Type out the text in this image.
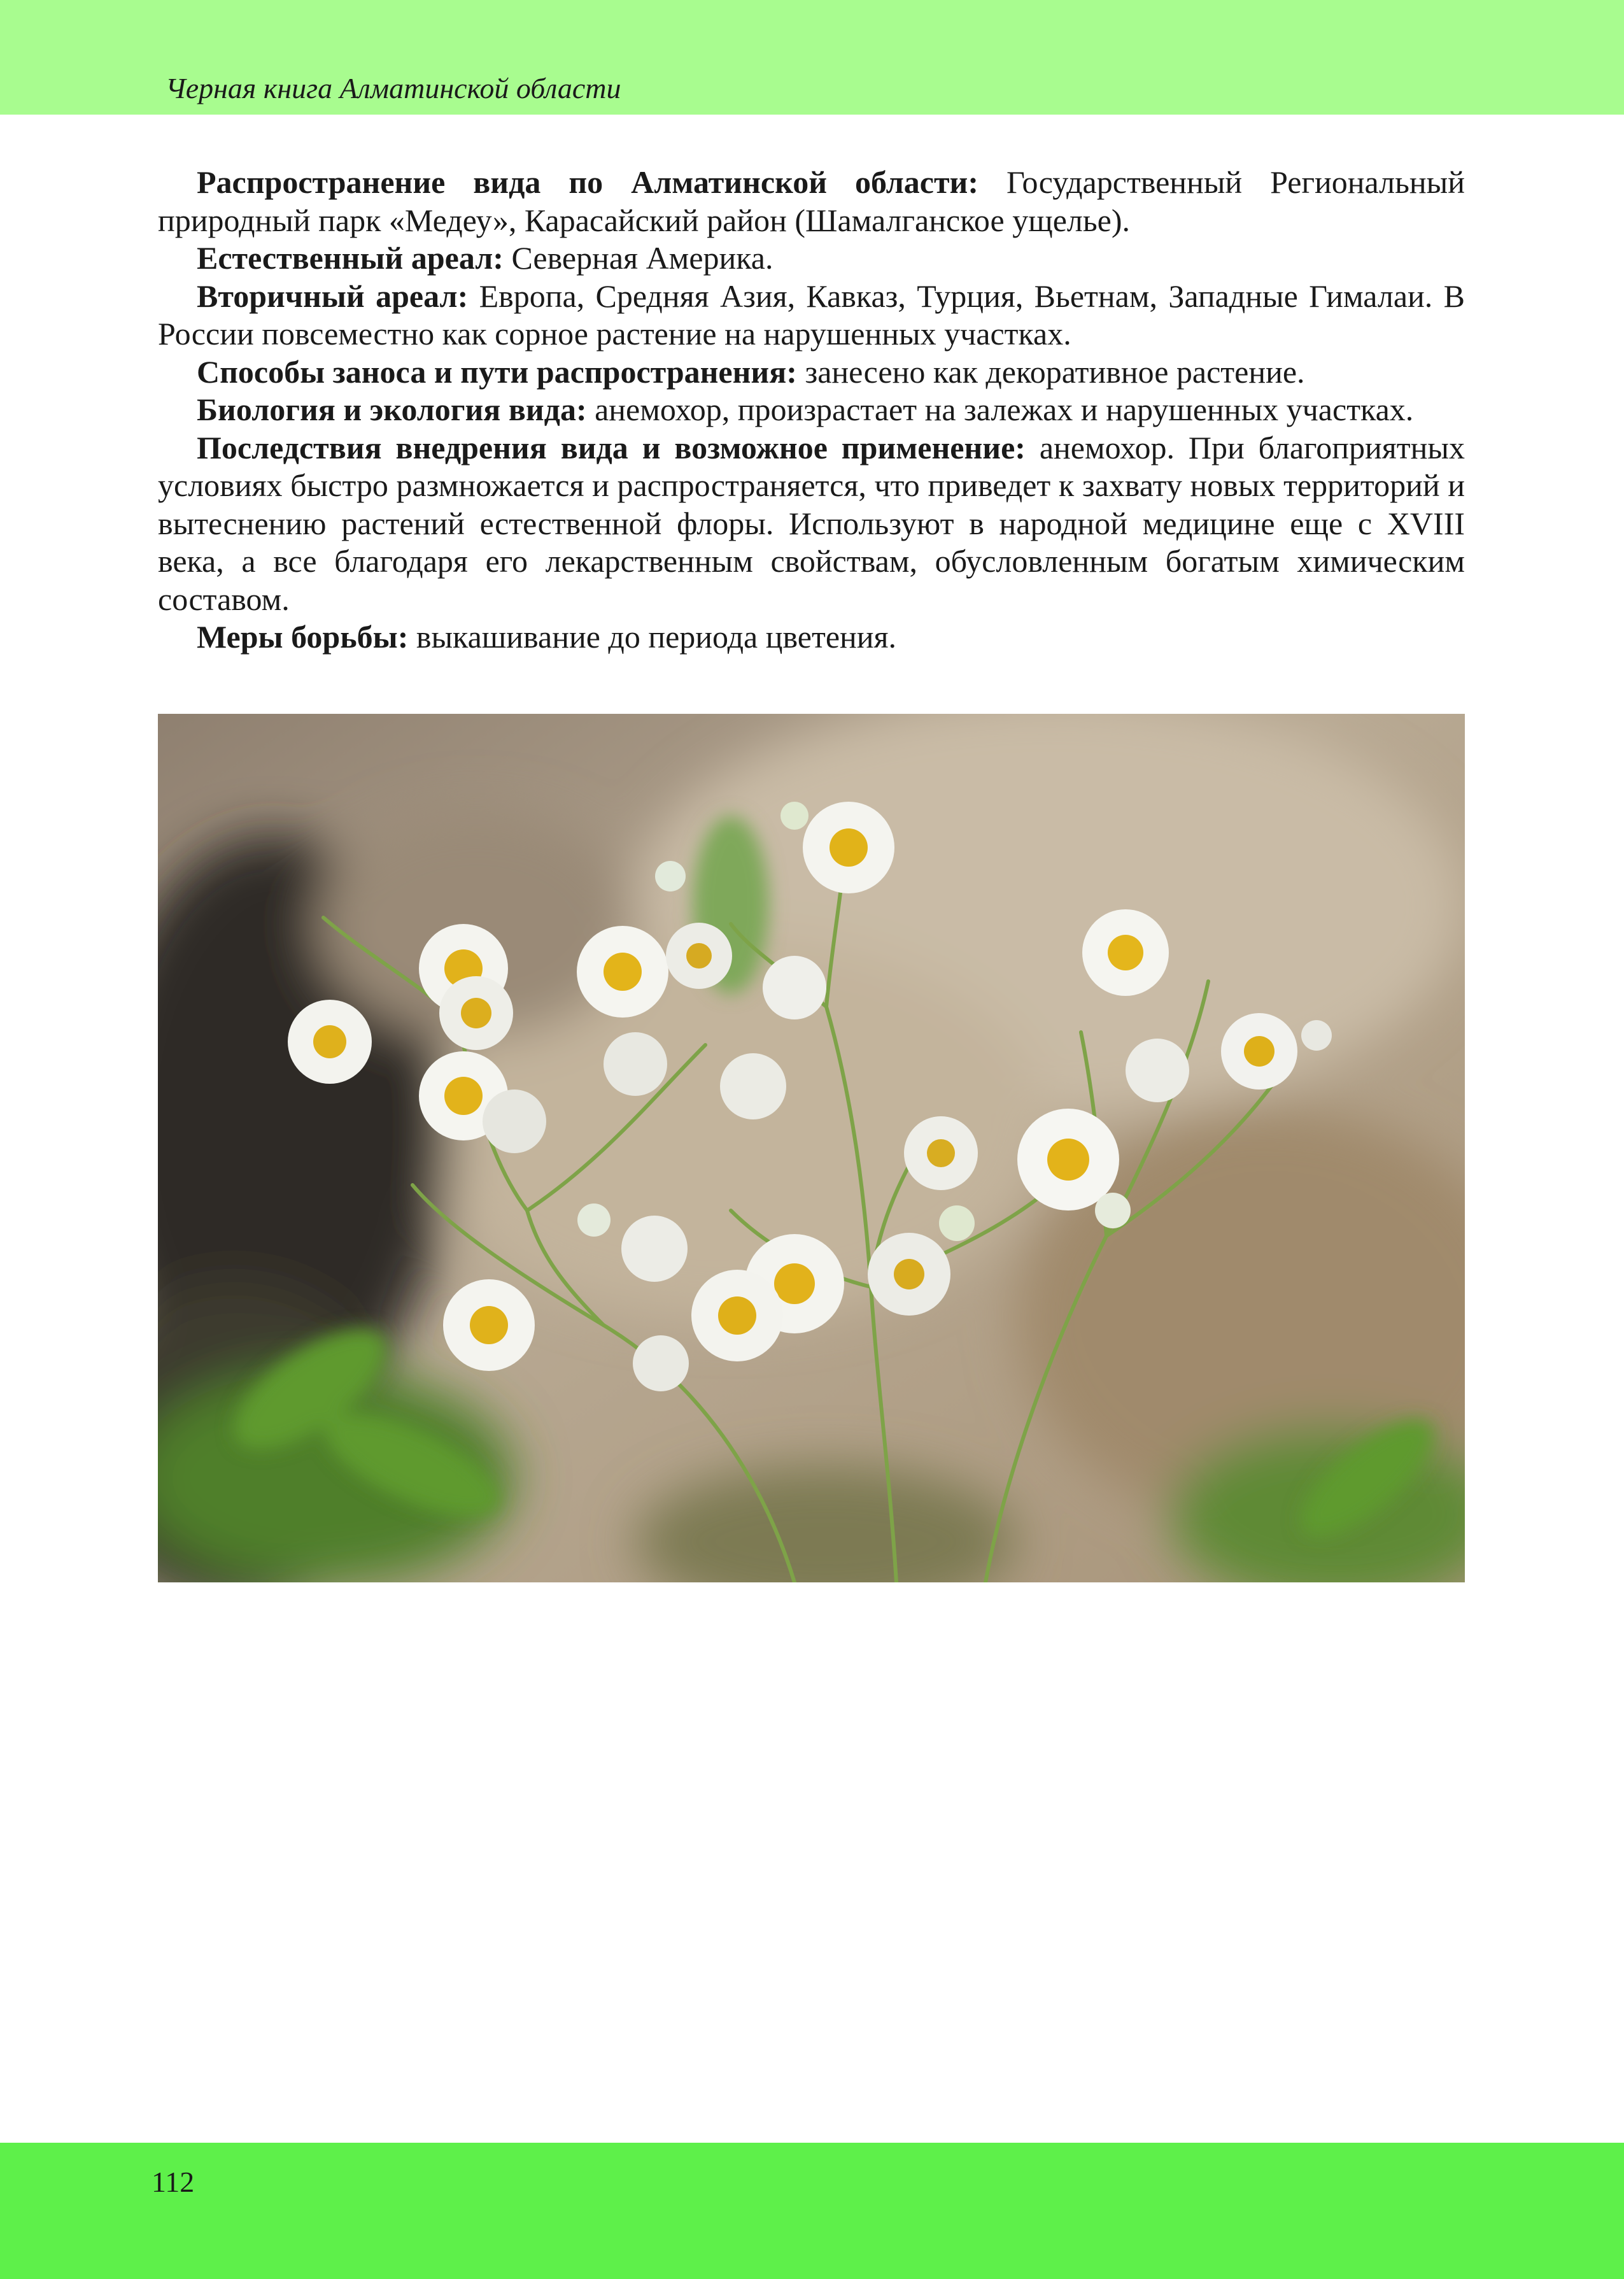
Черная книга Алматинской области

Распространение вида по Алматинской области: Государственный Региональный природный парк «Медеу», Карасайский район (Шамалганское ущелье).

Естественный ареал: Северная Америка.

Вторичный ареал: Европа, Средняя Азия, Кавказ, Турция, Вьетнам, Западные Гималаи. В России повсеместно как сорное растение на нарушенных участках.

Способы заноса и пути распространения: занесено как декоративное растение.

Биология и экология вида: анемохор, произрастает на залежах и нарушенных участках.

Последствия внедрения вида и возможное применение: анемохор. При благоприятных условиях быстро размножается и распространяется, что приведет к захвату новых территорий и вытеснению растений естественной флоры. Используют в народной медицине еще с XVIII века, а все благодаря его лекарственным свойствам, обусловленным богатым химическим составом.

Меры борьбы: выкашивание до периода цветения.

112
